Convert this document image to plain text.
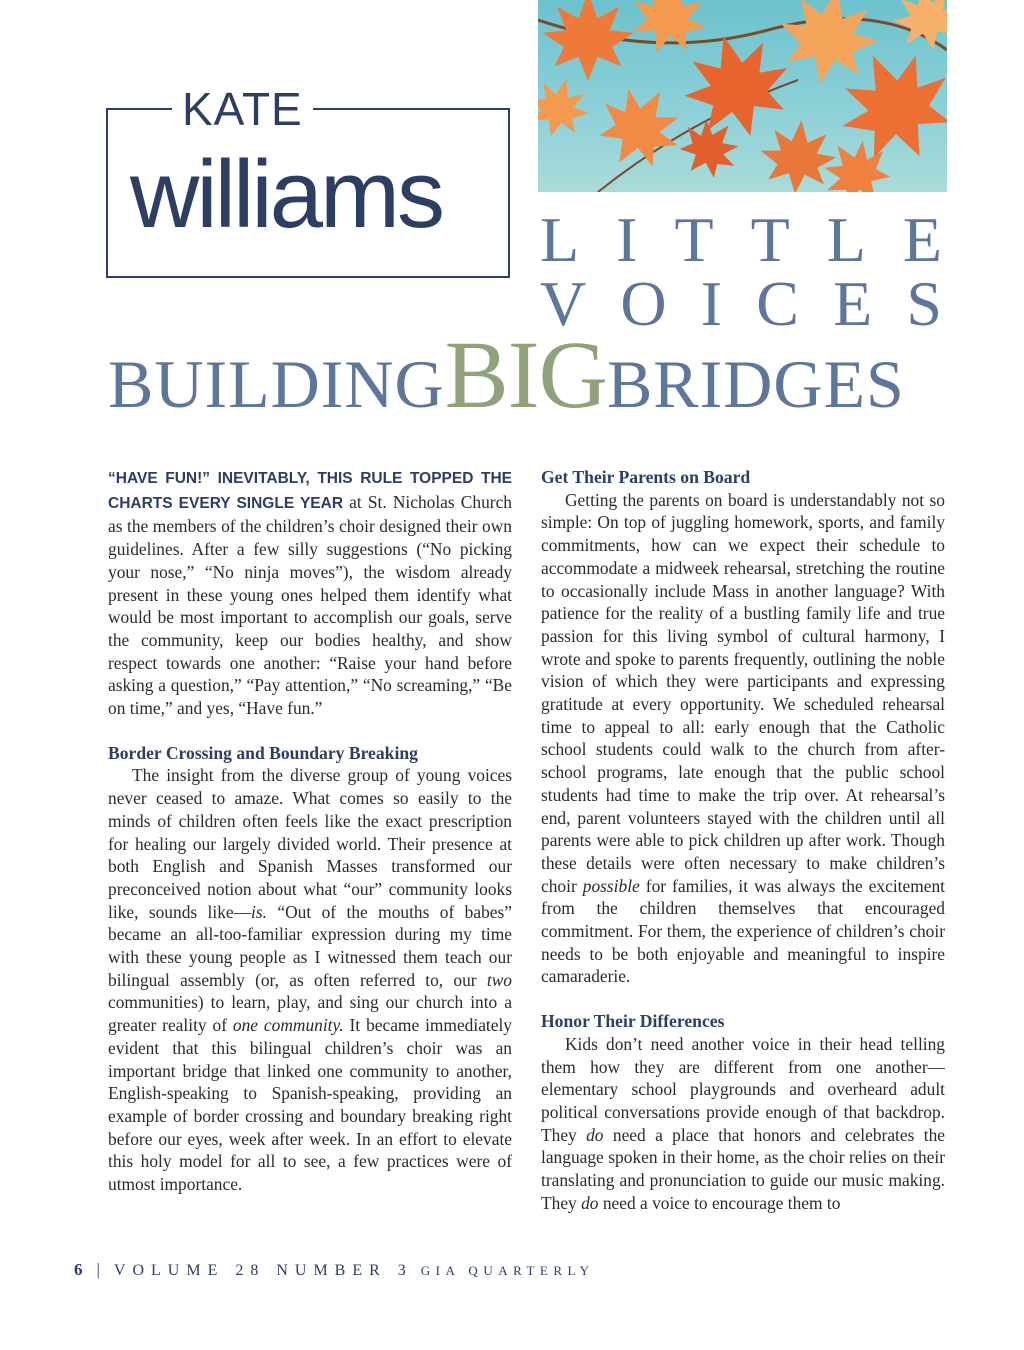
KATE
williams L I T T L E
V O I C E S
BUILDINGBIGBRIDGES

“HAVE FUN!” INEVITABLY, THIS RULE TOPPED THE CHARTS EVERY SINGLE YEAR at St. Nicholas Church as the members of the children’s choir designed their own guidelines. After a few silly suggestions (“No picking your nose,” “No ninja moves”), the wisdom already present in these young ones helped them identify what would be most important to accomplish our goals, serve the community, keep our bodies healthy, and show respect towards one another: “Raise your hand before asking a question,” “Pay attention,” “No screaming,” “Be on time,” and yes, “Have fun.”

Border Crossing and Boundary Breaking

The insight from the diverse group of young voices never ceased to amaze. What comes so easily to the minds of children often feels like the exact prescription for healing our largely divided world. Their presence at both English and Spanish Masses transformed our preconceived notion about what “our” community looks like, sounds like—is. “Out of the mouths of babes” became an all-too-familiar expression during my time with these young people as I witnessed them teach our bilingual assembly (or, as often referred to, our two communities) to learn, play, and sing our church into a greater reality of one community. It became immediately evident that this bilingual children’s choir was an important bridge that linked one community to another, English-speaking to Spanish-speaking, providing an example of border crossing and boundary breaking right before our eyes, week after week. In an effort to elevate this holy model for all to see, a few practices were of utmost importance.

Get Their Parents on Board

Getting the parents on board is understandably not so simple: On top of juggling homework, sports, and family commitments, how can we expect their schedule to accommodate a midweek rehearsal, stretching the routine to occasionally include Mass in another language? With patience for the reality of a bustling family life and true passion for this living symbol of cultural harmony, I wrote and spoke to parents frequently, outlining the noble vision of which they were participants and expressing gratitude at every opportunity. We scheduled rehearsal time to appeal to all: early enough that the Catholic school students could walk to the church from after-school programs, late enough that the public school students had time to make the trip over. At rehearsal’s end, parent volunteers stayed with the children until all parents were able to pick children up after work. Though these details were often necessary to make children’s choir possible for families, it was always the excitement from the children themselves that encouraged commitment. For them, the experience of children’s choir needs to be both enjoyable and meaningful to inspire camaraderie.

Honor Their Differences

Kids don’t need another voice in their head telling them how they are different from one another—elementary school playgrounds and overheard adult political conversations provide enough of that backdrop. They do need a place that honors and celebrates the language spoken in their home, as the choir relies on their translating and pronunciation to guide our music making. They do need a voice to encourage them to

6 | VOLUME 28 NUMBER 3 GIA QUARTERLY
